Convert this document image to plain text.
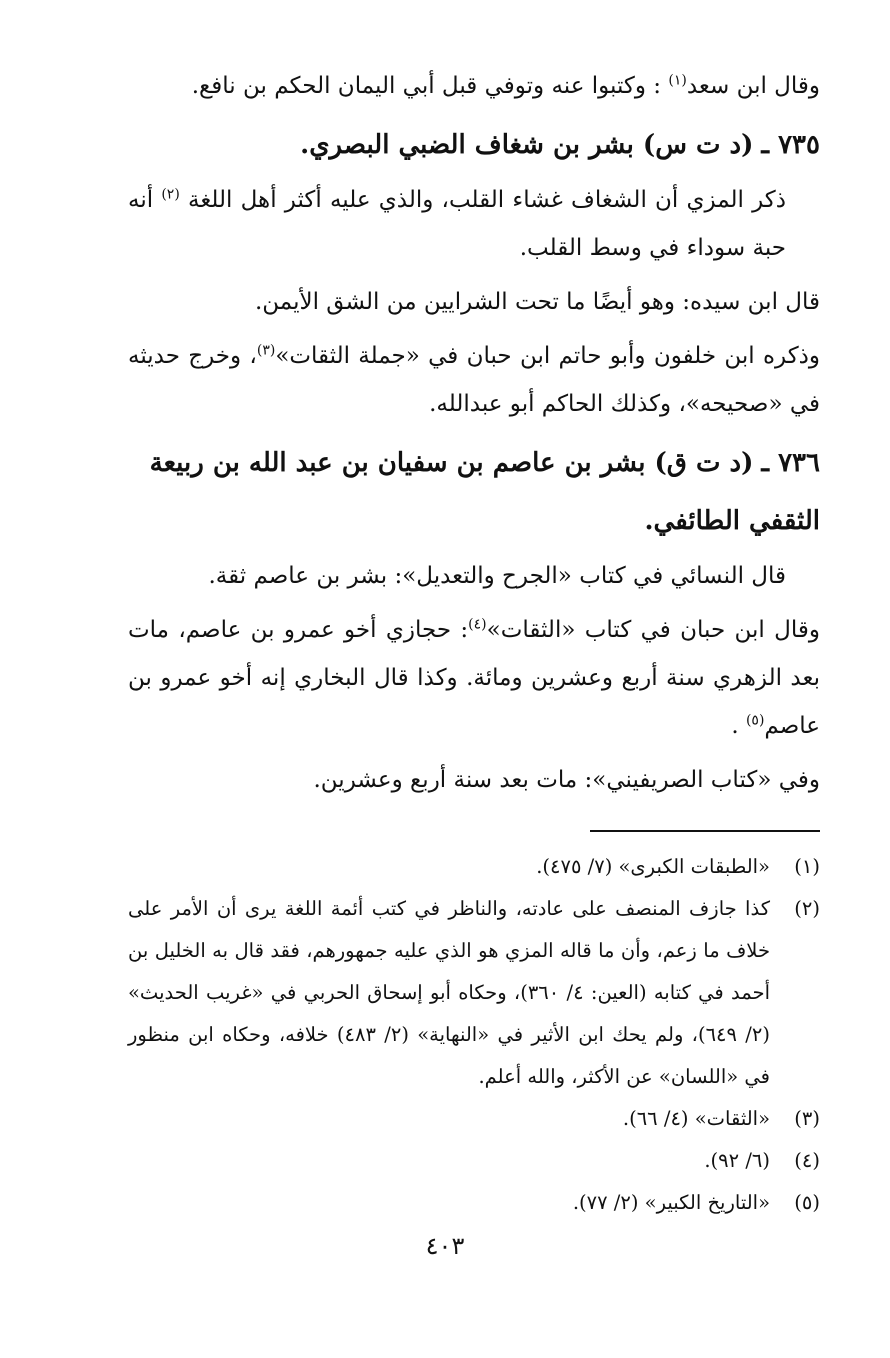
وقال ابن سعد$^{(١)}$ : وكتبوا عنه وتوفي قبل أبي اليمان الحكم بن نافع.

٧٣٥ ـ(د ت س) بشر بن شغاف الضبي البصري.

ذكر المزي أن الشغاف غشاء القلب، والذي عليه أكثر أهل اللغة $^{(٢)}$ أنه حبة سوداء في وسط القلب.

قال ابن سيده: وهو أيضًا ما تحت الشرايين من الشق الأيمن.

وذكره ابن خلفون وأبو حاتم ابن حبان في «جملة الثقات»$^{(٣)}$، وخرج حديثه في «صحيحه»، وكذلك الحاكم أبو عبدالله.

٧٣٦ ـ(د ت ق) بشر بن عاصم بن سفيان بن عبد الله بن ربيعة الثقفي الطائفي.

قال النسائي في كتاب «الجرح والتعديل»: بشر بن عاصم ثقة.

وقال ابن حبان في كتاب «الثقات»$^{(٤)}$: حجازي أخو عمرو بن عاصم، مات بعد الزهري سنة أربع وعشرين ومائة. وكذا قال البخاري إنه أخو عمرو بن عاصم$^{(٥)}$ .

وفي «كتاب الصريفيني»: مات بعد سنة أربع وعشرين.

(١)
«الطبقات الكبرى» (٧/ ٤٧٥).
(٢)
كذا جازف المنصف على عادته، والناظر في كتب أئمة اللغة يرى أن الأمر على خلاف ما زعم، وأن ما قاله المزي هو الذي عليه جمهورهم، فقد قال به الخليل بن أحمد في كتابه (العين: ٤/ ٣٦٠)، وحكاه أبو إسحاق الحربي في «غريب الحديث» (٢/ ٦٤٩)، ولم يحك ابن الأثير في «النهاية» (٢/ ٤٨٣) خلافه، وحكاه ابن منظور في «اللسان» عن الأكثر، والله أعلم.
(٣)
«الثقات» (٤/ ٦٦).
(٤)
(٦/ ٩٢).
(٥)
«التاريخ الكبير» (٢/ ٧٧).
٤٠٣
